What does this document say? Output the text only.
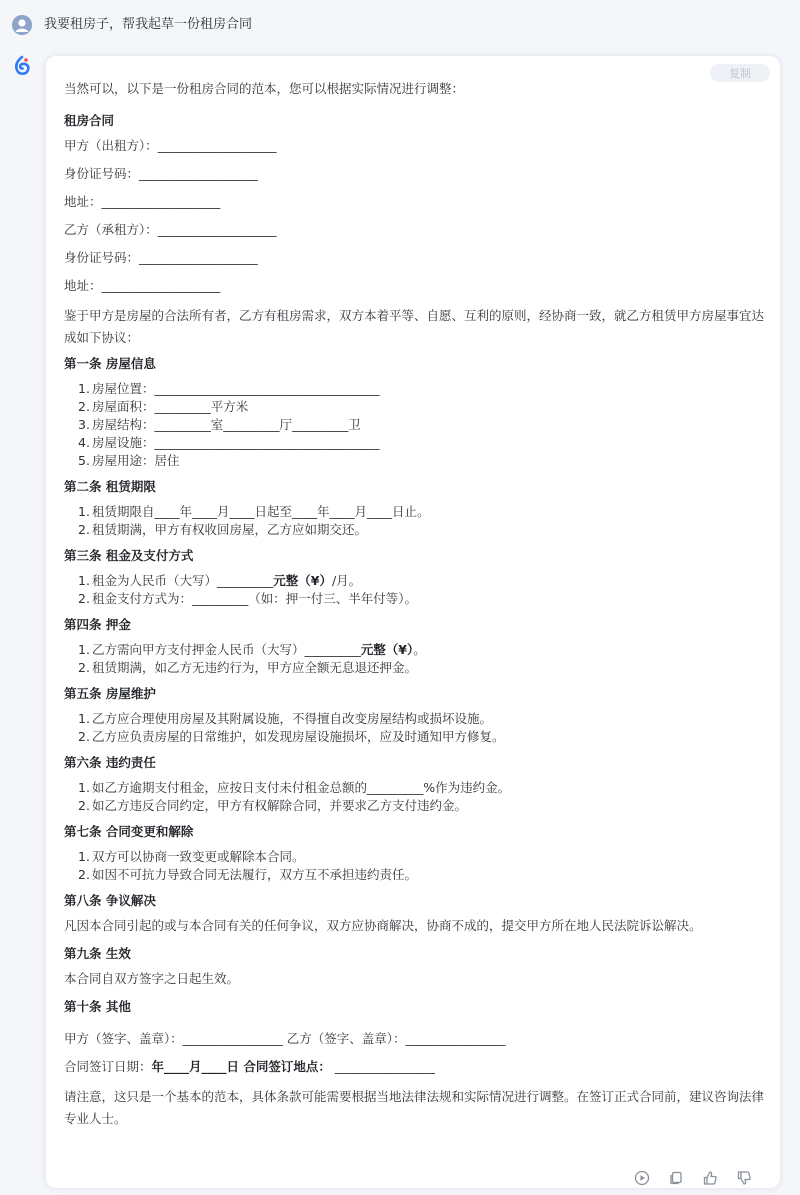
我要租房子，帮我起草一份租房合同
复制
当然可以，以下是一份租房合同的范本，您可以根据实际情况进行调整：
租房合同
甲方（出租方）：___________________
身份证号码：___________________
地址：___________________
乙方（承租方）：___________________
身份证号码：___________________
地址：___________________
鉴于甲方是房屋的合法所有者，乙方有租房需求，双方本着平等、自愿、互利的原则，经协商一致，就乙方租赁甲方房屋事宜达成如下协议：
第一条 房屋信息
1. 房屋位置：____________________________________
2. 房屋面积：_________平方米
3. 房屋结构：_________室_________厅_________卫
4. 房屋设施：____________________________________
5. 房屋用途：居住
第二条 租赁期限
1. 租赁期限自____年____月____日起至____年____月____日止。
2. 租赁期满，甲方有权收回房屋，乙方应如期交还。
第三条 租金及支付方式
1. 租金为人民币（大写）_________元整（¥）/月。
2. 租金支付方式为：_________（如：押一付三、半年付等）。
第四条 押金
1. 乙方需向甲方支付押金人民币（大写）_________元整（¥）。
2. 租赁期满，如乙方无违约行为，甲方应全额无息退还押金。
第五条 房屋维护
1. 乙方应合理使用房屋及其附属设施，不得擅自改变房屋结构或损坏设施。
2. 乙方应负责房屋的日常维护，如发现房屋设施损坏，应及时通知甲方修复。
第六条 违约责任
1. 如乙方逾期支付租金，应按日支付未付租金总额的_________%作为违约金。
2. 如乙方违反合同约定，甲方有权解除合同，并要求乙方支付违约金。
第七条 合同变更和解除
1. 双方可以协商一致变更或解除本合同。
2. 如因不可抗力导致合同无法履行，双方互不承担违约责任。
第八条 争议解决
凡因本合同引起的或与本合同有关的任何争议，双方应协商解决，协商不成的，提交甲方所在地人民法院诉讼解决。
第九条 生效
本合同自双方签字之日起生效。
第十条 其他
甲方（签字、盖章）：________________ 乙方（签字、盖章）：________________
合同签订日期：年____月____日 合同签订地点： ________________
请注意，这只是一个基本的范本，具体条款可能需要根据当地法律法规和实际情况进行调整。在签订正式合同前，建议咨询法律专业人士。
